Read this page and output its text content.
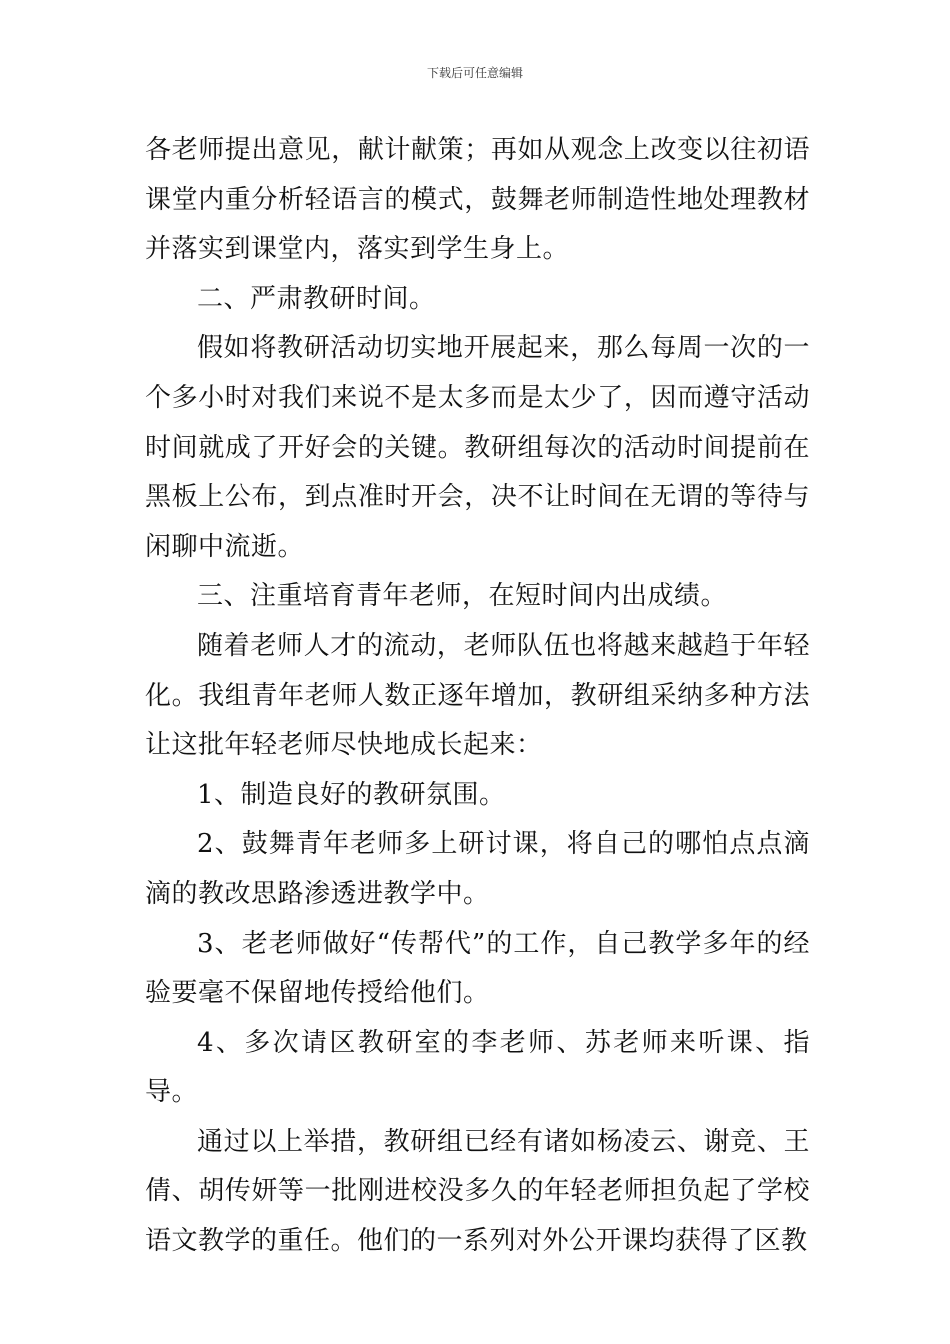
下载后可任意编辑

各老师提出意见，献计献策；再如从观念上改变以往初语课堂内重分析轻语言的模式，鼓舞老师制造性地处理教材并落实到课堂内，落实到学生身上。

二、严肃教研时间。

假如将教研活动切实地开展起来，那么每周一次的一个多小时对我们来说不是太多而是太少了，因而遵守活动时间就成了开好会的关键。教研组每次的活动时间提前在黑板上公布，到点准时开会，决不让时间在无谓的等待与闲聊中流逝。

三、注重培育青年老师，在短时间内出成绩。

随着老师人才的流动，老师队伍也将越来越趋于年轻化。我组青年老师人数正逐年增加，教研组采纳多种方法让这批年轻老师尽快地成长起来：

1、制造良好的教研氛围。

2、鼓舞青年老师多上研讨课，将自己的哪怕点点滴滴的教改思路渗透进教学中。

3、老老师做好“传帮代”的工作，自己教学多年的经验要毫不保留地传授给他们。

4、多次请区教研室的李老师、苏老师来听课、指导。

通过以上举措，教研组已经有诸如杨凌云、谢竞、王倩、胡传妍等一批刚进校没多久的年轻老师担负起了学校语文教学的重任。他们的一系列对外公开课均获得了区教
